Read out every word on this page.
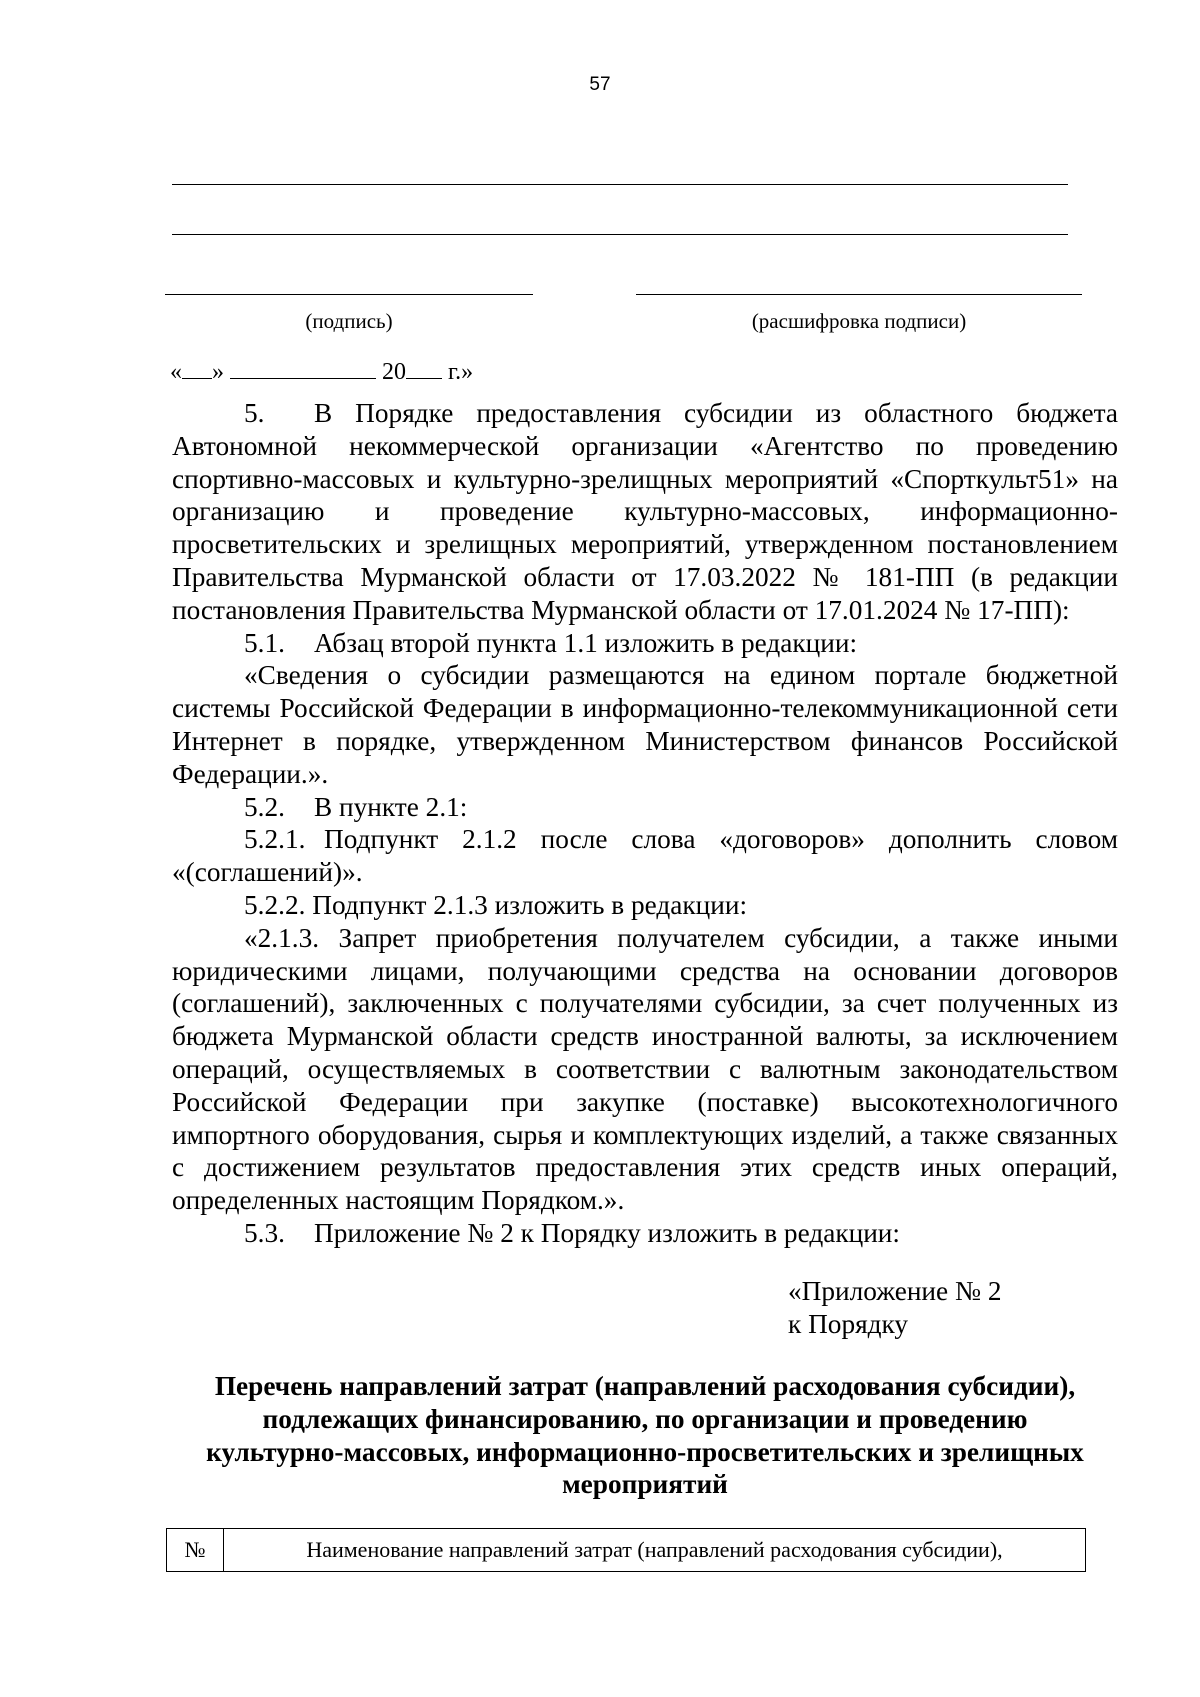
57
(подпись)	(расшифровка подписи)
« »	20 г.»

5. В Порядке предоставления субсидии из областного бюджета Автономной некоммерческой организации «Агентство по проведению спортивно-массовых и культурно-зрелищных мероприятий «Спорткульт51» на организацию и проведение культурно-массовых, информационно-просветительских и зрелищных мероприятий, утвержденном постановлением Правительства Мурманской области от 17.03.2022 № 181-ПП (в редакции постановления Правительства Мурманской области от 17.01.2024 № 17-ПП):

5.1. Абзац второй пункта 1.1 изложить в редакции:

«Сведения о субсидии размещаются на едином портале бюджетной системы Российской Федерации в информационно-телекоммуникационной сети Интернет в порядке, утвержденном Министерством финансов Российской Федерации.».

5.2. В пункте 2.1:

5.2.1. Подпункт 2.1.2 после слова «договоров» дополнить словом «(соглашений)».

5.2.2. Подпункт 2.1.3 изложить в редакции:

«2.1.3. Запрет приобретения получателем субсидии, а также иными юридическими лицами, получающими средства на основании договоров (соглашений), заключенных с получателями субсидии, за счет полученных из бюджета Мурманской области средств иностранной валюты, за исключением операций, осуществляемых в соответствии с валютным законодательством Российской Федерации при закупке (поставке) высокотехнологичного импортного оборудования, сырья и комплектующих изделий, а также связанных с достижением результатов предоставления этих средств иных операций, определенных настоящим Порядком.».

5.3. Приложение № 2 к Порядку изложить в редакции:

«Приложение № 2
к Порядку
Перечень направлений затрат (направлений расходования субсидии),
подлежащих финансированию, по организации и проведению
культурно-массовых, информационно-просветительских и зрелищных
мероприятий
№	Наименование направлений затрат (направлений расходования субсидии),
